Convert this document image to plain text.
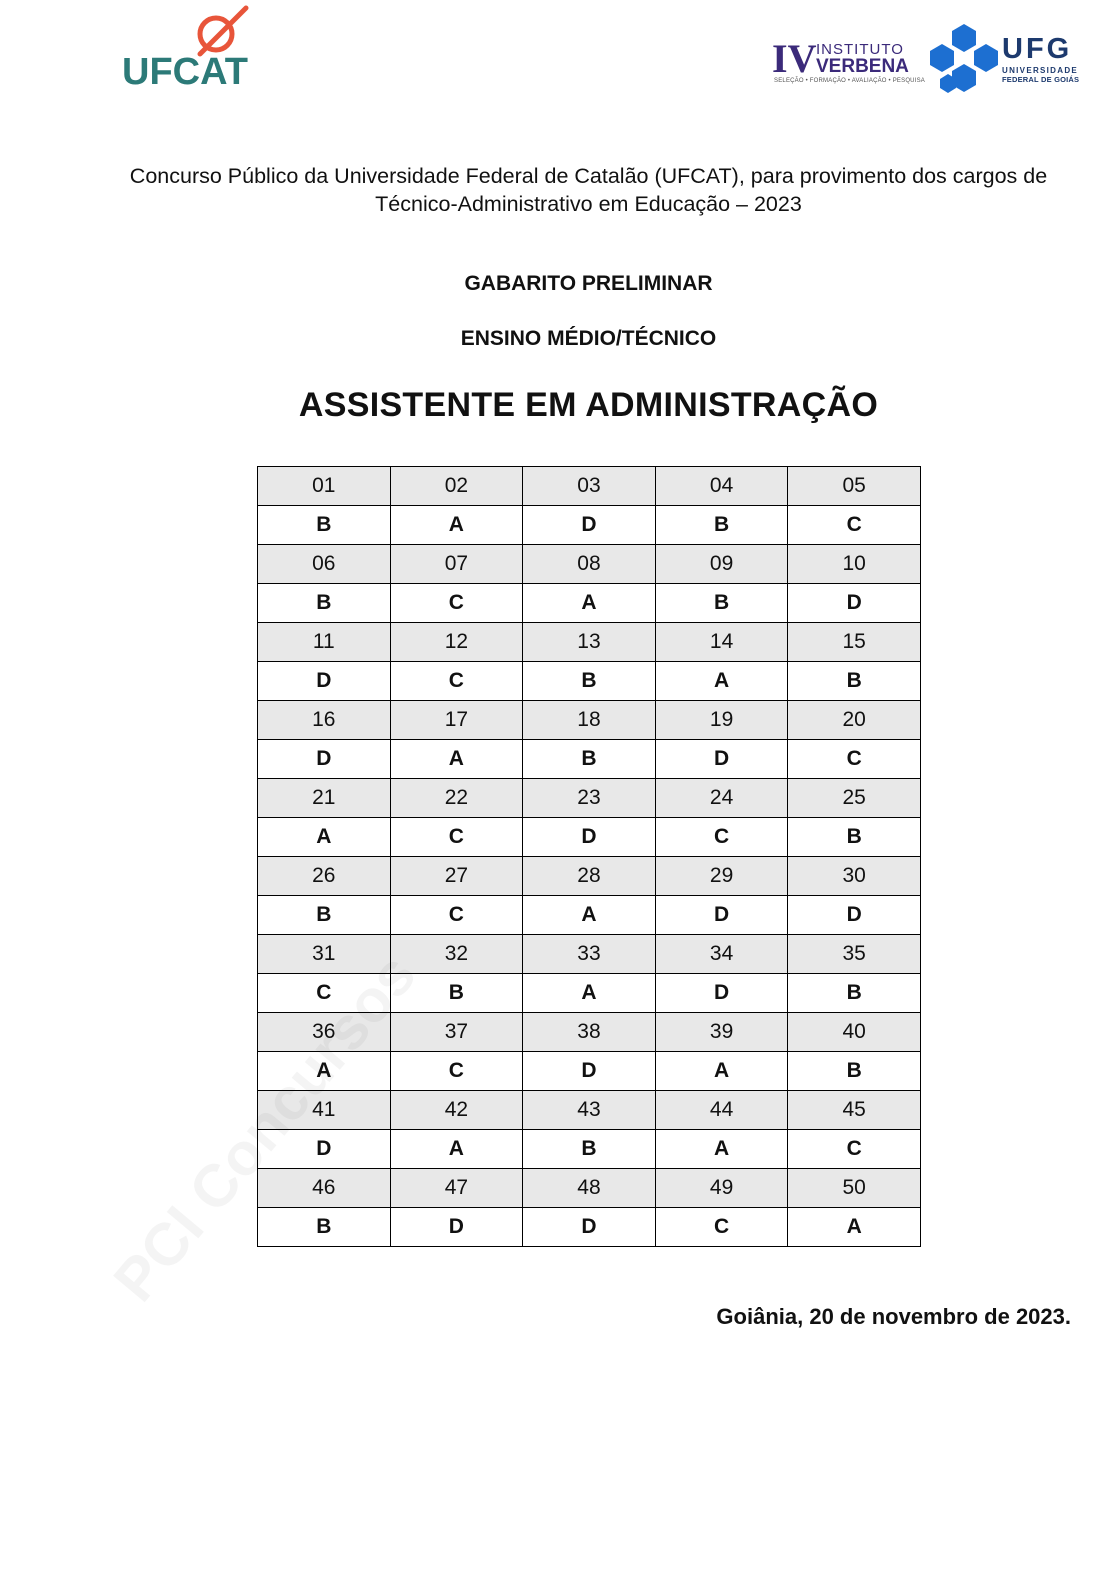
UFCAT	IV INSTITUTO
VERBENA
SELEÇÃO • FORMAÇÃO • AVALIAÇÃO • PESQUISA
UFG
UNIVERSIDADE
FEDERAL DE GOIÁS
Concurso Público da Universidade Federal de Catalão (UFCAT), para provimento dos cargos de
Técnico-Administrativo em Educação – 2023
GABARITO PRELIMINAR
ENSINO MÉDIO/TÉCNICO
ASSISTENTE EM ADMINISTRAÇÃO
01	02	03	04	05
B	A	D	B	C
06	07	08	09	10
B	C	A	B	D
11	12	13	14	15
D	C	B	A	B
16	17	18	19	20
D	A	B	D	C
21	22	23	24	25
A	C	D	C	B
26	27	28	29	30
B	C	A	D	D
31	32	33	34	35
C	B	A	D	B
36	37	38	39	40
A	C	D	A	B
41	42	43	44	45
D	A	B	A	C
46	47	48	49	50
B	D	D	C	A
Goiânia, 20 de novembro de 2023.
